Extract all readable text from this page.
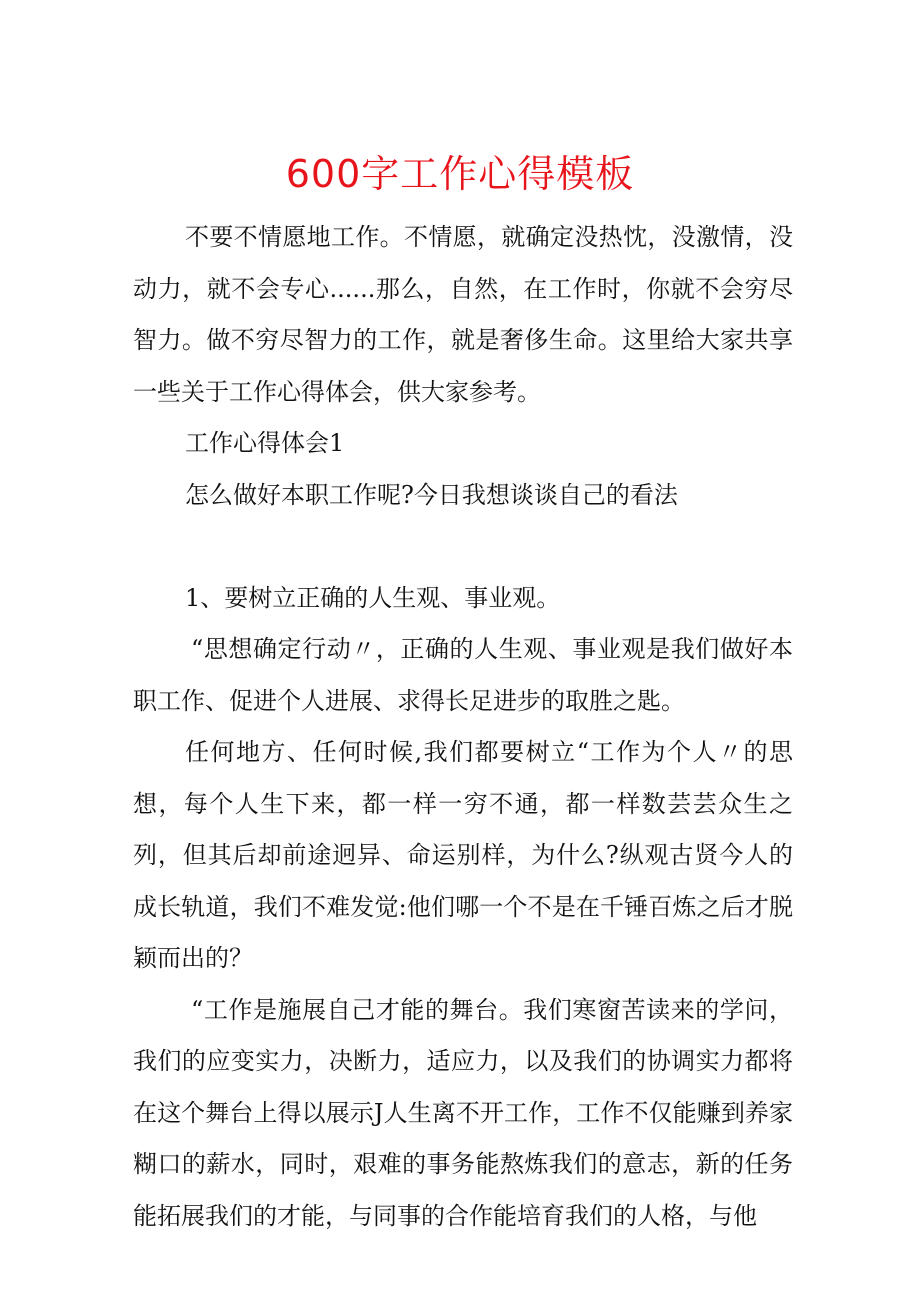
600字工作心得模板

不要不情愿地工作。不情愿，就确定没热忱，没激情，没动力，就不会专心......那么，自然，在工作时，你就不会穷尽智力。做不穷尽智力的工作，就是奢侈生命。这里给大家共享一些关于工作心得体会，供大家参考。

工作心得体会1

怎么做好本职工作呢?今日我想谈谈自己的看法

1、要树立正确的人生观、事业观。

“思想确定行动〃，正确的人生观、事业观是我们做好本职工作、促进个人进展、求得长足进步的取胜之匙。

任何地方、任何时候,我们都要树立“工作为个人〃的思想，每个人生下来，都一样一穷不通，都一样数芸芸众生之列，但其后却前途迥异、命运别样，为什么?纵观古贤今人的成长轨道，我们不难发觉:他们哪一个不是在千锤百炼之后才脱颖而出的？

“工作是施展自己才能的舞台。我们寒窗苦读来的学问，我们的应变实力，决断力，适应力，以及我们的协调实力都将在这个舞台上得以展示J人生离不开工作，工作不仅能赚到养家糊口的薪水，同时，艰难的事务能熬炼我们的意志，新的任务能拓展我们的才能，与同事的合作能培育我们的人格，与他
